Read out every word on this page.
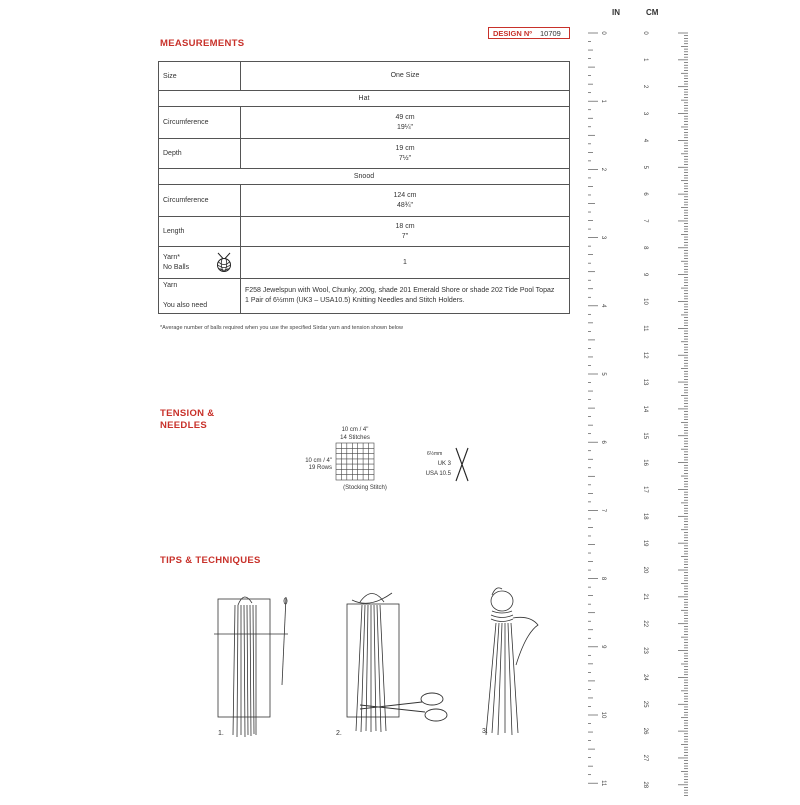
MEASUREMENTS
DESIGN Nº 10709
Size	One Size
Hat	
Circumference	49 cm
19¼"
Depth	19 cm
7½"
Snood	
Circumference	124 cm
48¾"
Length	18 cm
7"
Yarn*
No Balls	1
Yarn

You also need	F258 Jewelspun with Wool, Chunky, 200g, shade 201 Emerald Shore or shade 202 Tide Pool Topaz
1 Pair of 6½mm (UK3 – USA10.5) Knitting Needles and Stitch Holders.
*Average number of balls required when you use the specified Sirdar yarn and tension shown below
TENSION &
NEEDLES	10 cm / 4"
14 Stitches
10 cm / 4"
19 Rows
(Stocking Stitch)
6½mm
UK 3
USA 10.5
TIPS & TECHNIQUES
1.	2.	3.
0
1
2
3
4
5
6
7
8
9
10
11
0
1
2
3
4
5
6
7
8
9
10
11
12
13
14
15
16
17
18
19
20
21
22
23
24
25
26
27
28
IN	CM
